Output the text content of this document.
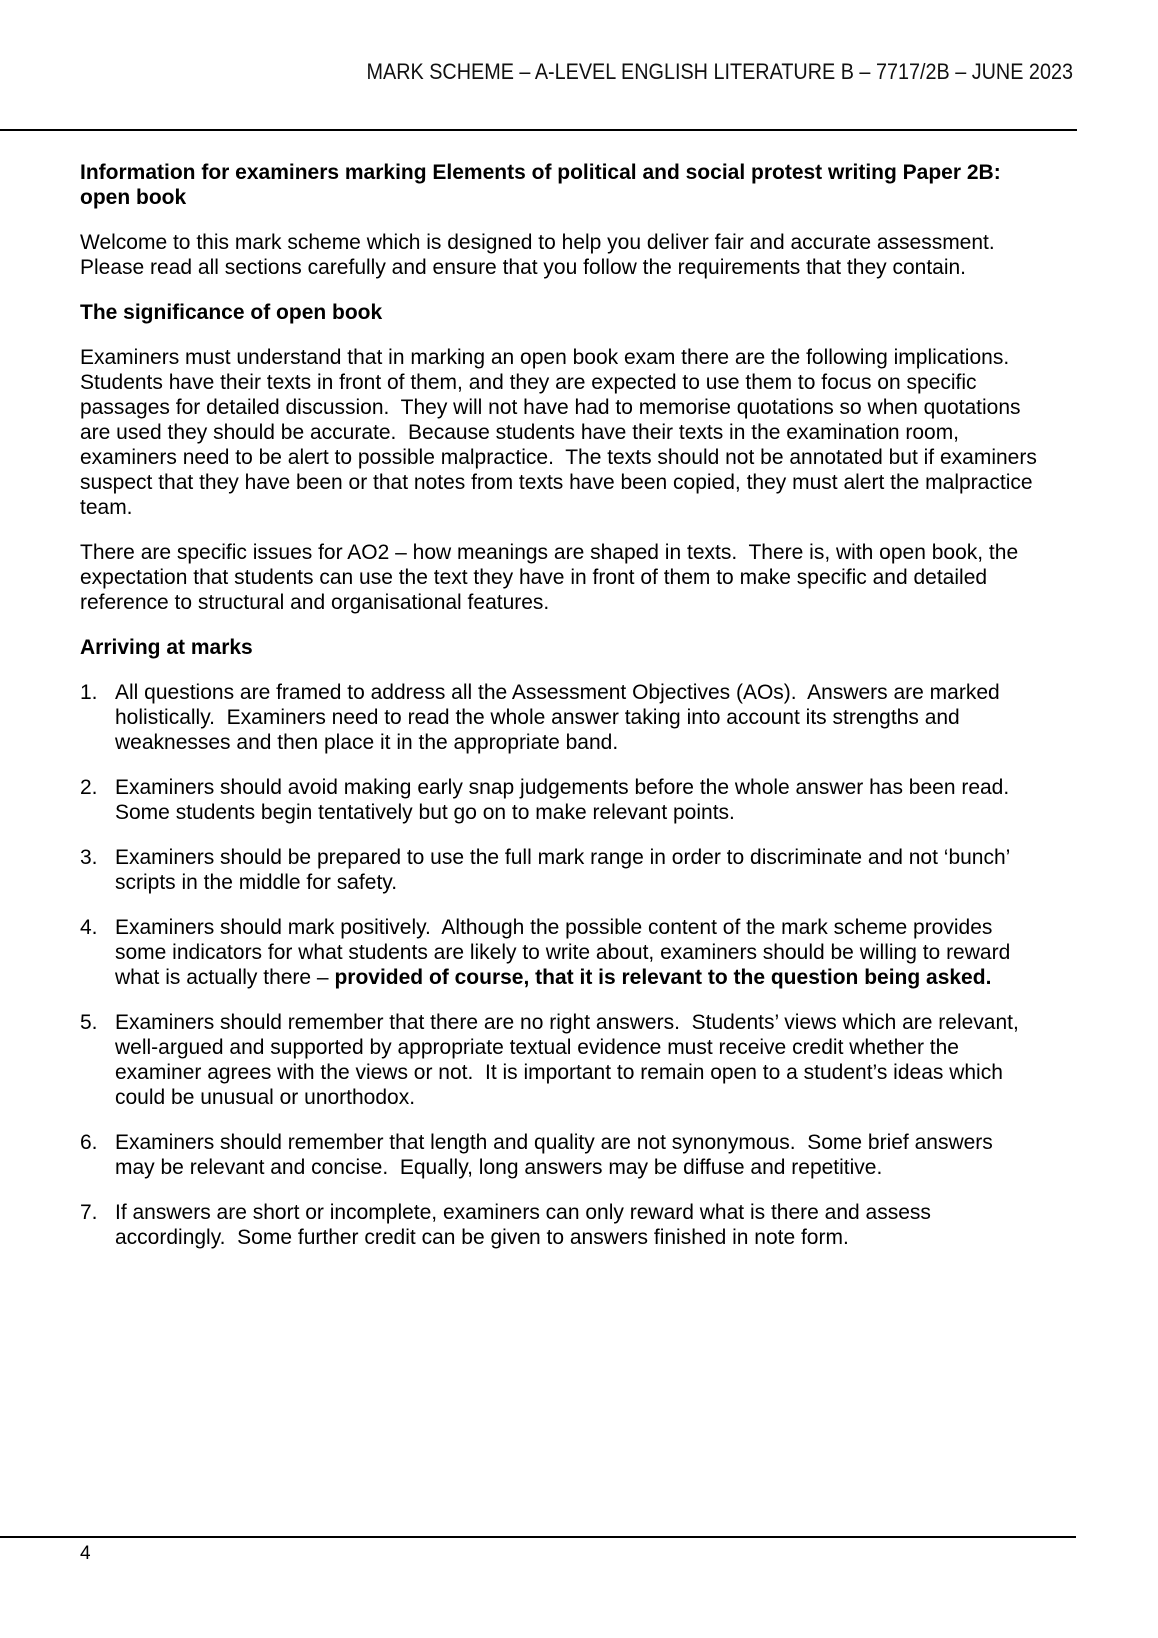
MARK SCHEME – A-LEVEL ENGLISH LITERATURE B – 7717/2B – JUNE 2023
Information for examiners marking Elements of political and social protest writing Paper 2B:
open book

Welcome to this mark scheme which is designed to help you deliver fair and accurate assessment.  Please read all sections carefully and ensure that you follow the requirements that they contain.

The significance of open book

Examiners must understand that in marking an open book exam there are the following implications.  Students have their texts in front of them, and they are expected to use them to focus on specific passages for detailed discussion.  They will not have had to memorise quotations so when quotations are used they should be accurate.  Because students have their texts in the examination room, examiners need to be alert to possible malpractice.  The texts should not be annotated but if examiners suspect that they have been or that notes from texts have been copied, they must alert the malpractice team.

There are specific issues for AO2 – how meanings are shaped in texts.  There is, with open book, the expectation that students can use the text they have in front of them to make specific and detailed reference to structural and organisational features.

Arriving at marks
1. All questions are framed to address all the Assessment Objectives (AOs).  Answers are marked holistically.  Examiners need to read the whole answer taking into account its strengths and weaknesses and then place it in the appropriate band.
2. Examiners should avoid making early snap judgements before the whole answer has been read.  Some students begin tentatively but go on to make relevant points.
3. Examiners should be prepared to use the full mark range in order to discriminate and not ‘bunch’ scripts in the middle for safety.
4. Examiners should mark positively.  Although the possible content of the mark scheme provides some indicators for what students are likely to write about, examiners should be willing to reward what is actually there – provided of course, that it is relevant to the question being asked.
5. Examiners should remember that there are no right answers.  Students’ views which are relevant, well-argued and supported by appropriate textual evidence must receive credit whether the examiner agrees with the views or not.  It is important to remain open to a student’s ideas which could be unusual or unorthodox.
6. Examiners should remember that length and quality are not synonymous.  Some brief answers may be relevant and concise.  Equally, long answers may be diffuse and repetitive.
7. If answers are short or incomplete, examiners can only reward what is there and assess accordingly.  Some further credit can be given to answers finished in note form.
4
